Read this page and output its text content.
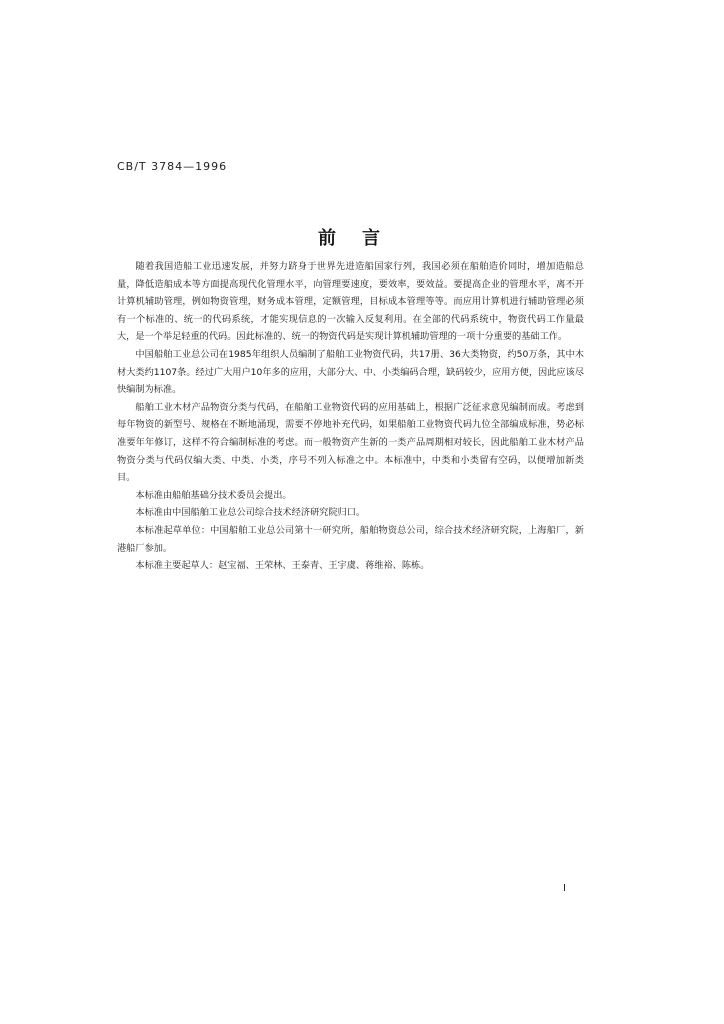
CB/T 3784—1996
前言

随着我国造船工业迅速发展，并努力跻身于世界先进造船国家行列，我国必须在船舶造价同时，增加造船总量，降低造船成本等方面提高现代化管理水平，向管理要速度，要效率，要效益。要提高企业的管理水平，离不开计算机辅助管理，例如物资管理，财务成本管理，定额管理，目标成本管理等等。而应用计算机进行辅助管理必须有一个标准的、统一的代码系统，才能实现信息的一次输入反复利用。在全部的代码系统中，物资代码工作量最大，是一个举足轻重的代码。因此标准的、统一的物资代码是实现计算机辅助管理的一项十分重要的基础工作。

中国船舶工业总公司在1985年组织人员编制了船舶工业物资代码，共17册、36大类物资，约50万条，其中木材大类约1107条。经过广大用户10年多的应用，大部分大、中、小类编码合理，缺码较少，应用方便，因此应该尽快编制为标准。

船舶工业木材产品物资分类与代码，在船舶工业物资代码的应用基础上，根据广泛征求意见编制而成。考虑到每年物资的新型号、规格在不断地涌现，需要不停地补充代码，如果船舶工业物资代码九位全部编成标准，势必标准要年年修订，这样不符合编制标准的考虑。而一般物资产生新的一类产品周期相对较长，因此船舶工业木材产品物资分类与代码仅编大类、中类、小类，序号不列入标准之中。本标准中，中类和小类留有空码，以便增加新类目。

本标准由船舶基础分技术委员会提出。

本标准由中国船舶工业总公司综合技术经济研究院归口。

本标准起草单位：中国船舶工业总公司第十一研究所，船舶物资总公司，综合技术经济研究院，上海船厂，新港船厂参加。

本标准主要起草人：赵宝福、王荣林、王泰青、王宇虞、蒋维裕、陈栋。

I
